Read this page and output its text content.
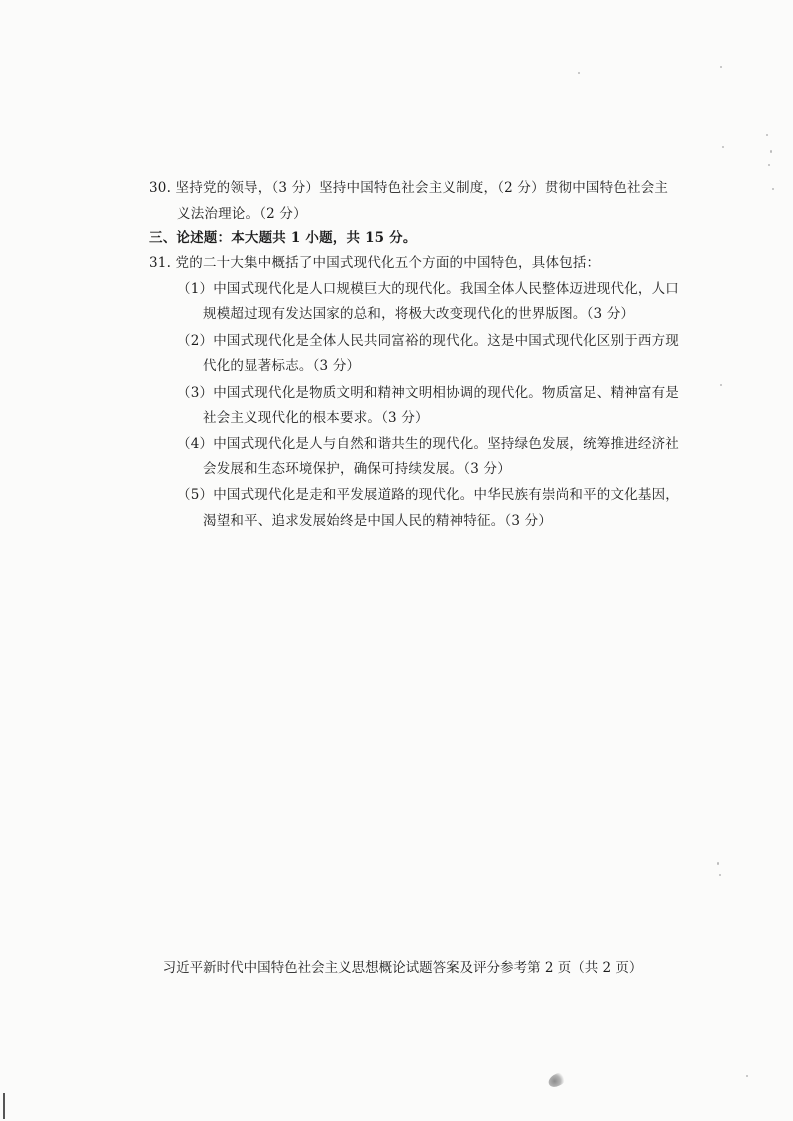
30. 坚持党的领导，（3 分）坚持中国特色社会主义制度，（2 分）贯彻中国特色社会主
义法治理论。（2 分）
三、论述题：本大题共 1 小题，共 15 分。
31. 党的二十大集中概括了中国式现代化五个方面的中国特色，具体包括：
（1）中国式现代化是人口规模巨大的现代化。我国全体人民整体迈进现代化，人口
规模超过现有发达国家的总和，将极大改变现代化的世界版图。（3 分）
（2）中国式现代化是全体人民共同富裕的现代化。这是中国式现代化区别于西方现
代化的显著标志。（3 分）
（3）中国式现代化是物质文明和精神文明相协调的现代化。物质富足、精神富有是
社会主义现代化的根本要求。（3 分）
（4）中国式现代化是人与自然和谐共生的现代化。坚持绿色发展，统筹推进经济社
会发展和生态环境保护，确保可持续发展。（3 分）
（5）中国式现代化是走和平发展道路的现代化。中华民族有崇尚和平的文化基因，
渴望和平、追求发展始终是中国人民的精神特征。（3 分）
习近平新时代中国特色社会主义思想概论试题答案及评分参考第 2 页（共 2 页）
